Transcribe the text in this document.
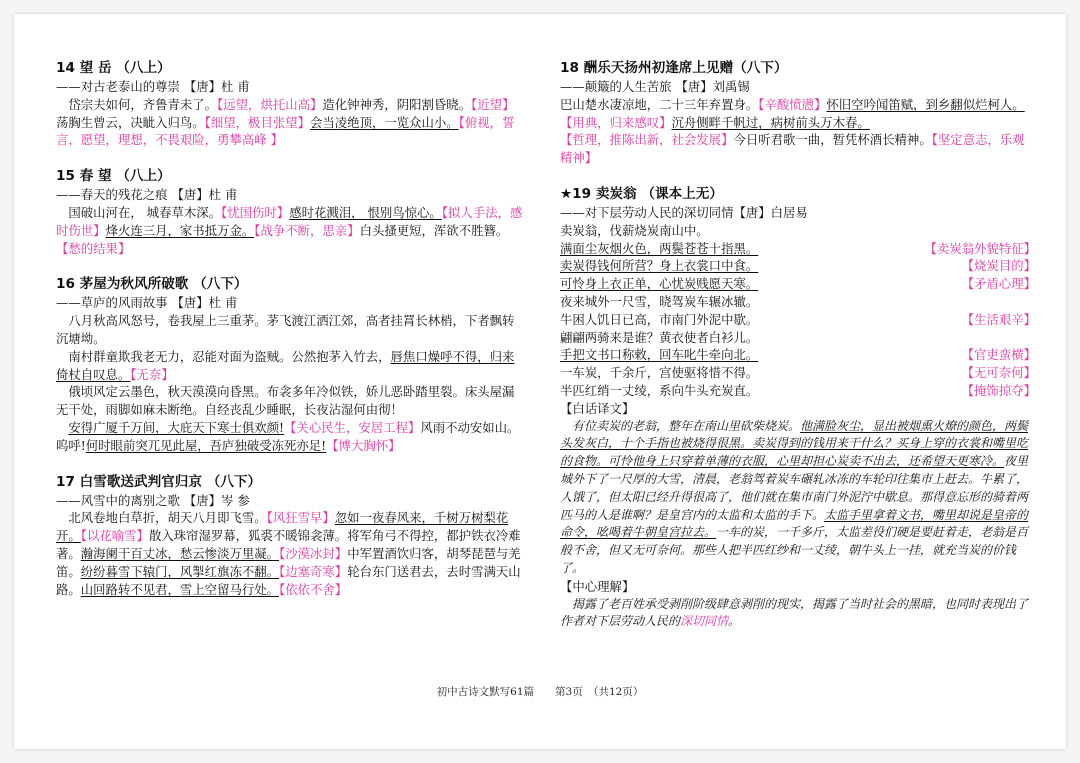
14 望 岳 （八上）
——对古老泰山的尊崇 【唐】杜 甫
　岱宗夫如何，齐鲁青未了。【远望，烘托山高】造化钟神秀，阴阳割昏晓。【近望】荡胸生曾云，决眦入归鸟。【细望，极目张望】会当凌绝顶，一览众山小。【俯视，誓言，愿望，理想，不畏艰险，勇攀高峰 】
15 春 望 （八上）
——春天的残花之痕 【唐】杜 甫
　国破山河在， 城春草木深。【忧国伤时】感时花溅泪， 恨别鸟惊心。【拟人手法，感时伤世】烽火连三月，家书抵万金。【战争不断，思亲】白头搔更短，浑欲不胜簪。【愁的结果】
16 茅屋为秋风所破歌 （八下）
——草庐的风雨故事 【唐】杜 甫
　八月秋高风怒号，卷我屋上三重茅。茅飞渡江洒江郊，高者挂罥长林梢，下者飘转沉塘坳。
　南村群童欺我老无力，忍能对面为盗贼。公然抱茅入竹去，唇焦口燥呼不得，归来倚杖自叹息。【无奈】
　俄顷风定云墨色，秋天漠漠向昏黑。布衾多年冷似铁，娇儿恶卧踏里裂。床头屋漏无干处，雨脚如麻未断绝。自经丧乱少睡眠，长夜沾湿何由彻！
　安得广厦千万间，大庇天下寒士俱欢颜!【关心民生，安居工程】风雨不动安如山。呜呼!何时眼前突兀见此屋，吾庐独破受冻死亦足!【博大胸怀】
17 白雪歌送武判官归京 （八下）
——风雪中的离别之歌 【唐】岑 参
　北风卷地白草折，胡天八月即飞雪。【风狂雪早】忽如一夜春风来，千树万树梨花开。【以花喻雪】散入珠帘湿罗幕，狐裘不暖锦衾薄。将军角弓不得控，都护铁衣冷难著。瀚海阑干百丈冰，愁云惨淡万里凝。【沙漠冰封】中军置酒饮归客，胡琴琵琶与羌笛。纷纷暮雪下辕门，风掣红旗冻不翻。【边塞奇寒】轮台东门送君去，去时雪满天山路。山回路转不见君，雪上空留马行处。【依依不舍】
18 酬乐天扬州初逢席上见赠（八下）
——颠簸的人生苦旅 【唐】刘禹锡
巴山楚水凄凉地，二十三年弃置身。【辛酸愤懑】怀旧空吟闻笛赋，到乡翻似烂柯人。【用典，归来感叹】沉舟侧畔千帆过，病树前头万木春。【哲理，推陈出新，社会发展】今日听君歌一曲，暂凭杯酒长精神。【坚定意志，乐观精神】
★19 卖炭翁 （课本上无）
——对下层劳动人民的深切同情【唐】白居易
卖炭翁，伐薪烧炭南山中。
满面尘灰烟火色，两鬓苍苍十指黑。	【卖炭翁外貌特征】
卖炭得钱何所营？身上衣裳口中食。	【烧炭目的】
可怜身上衣正单，心忧炭贱愿天寒。	【矛盾心理】
夜来城外一尺雪，晓驾炭车辗冰辙。
牛困人饥日已高，市南门外泥中歇。	【生活艰辛】
翩翩两骑来是谁？黄衣使者白衫儿。
手把文书口称敕，回车叱牛牵向北。	【官吏蛮横】
一车炭，千余斤，宫使驱将惜不得。	【无可奈何】
半匹红绡一丈绫，系向牛头充炭直。	【掩饰掠夺】
【白话译文】
　有位卖炭的老翁，整年在南山里砍柴烧炭。他满脸灰尘，显出被烟熏火燎的颜色，两鬓头发灰白，十个手指也被烧得很黑。卖炭得到的钱用来干什么？买身上穿的衣裳和嘴里吃的食物。可怜他身上只穿着单薄的衣服，心里却担心炭卖不出去，还希望天更寒冷。夜里城外下了一尺厚的大雪，清晨，老翁驾着炭车碾轧冰冻的车轮印往集市上赶去。牛累了，人饿了，但太阳已经升得很高了，他们就在集市南门外泥泞中歇息。那得意忘形的骑着两匹马的人是谁啊？是皇宫内的太监和太监的手下。太监手里拿着文书，嘴里却说是皇帝的命令，吆喝着牛朝皇宫拉去。一车的炭，一千多斤，太监差役们硬是要赶着走，老翁是百般不舍，但又无可奈何。那些人把半匹红纱和一丈绫，朝牛头上一挂，就充当炭的价钱了。
【中心理解】
　揭露了老百姓承受剥削阶级肆意剥削的现实，揭露了当时社会的黑暗，也同时表现出了作者对下层劳动人民的深切同情。
初中古诗文默写61篇　　第3页　（共12页）
